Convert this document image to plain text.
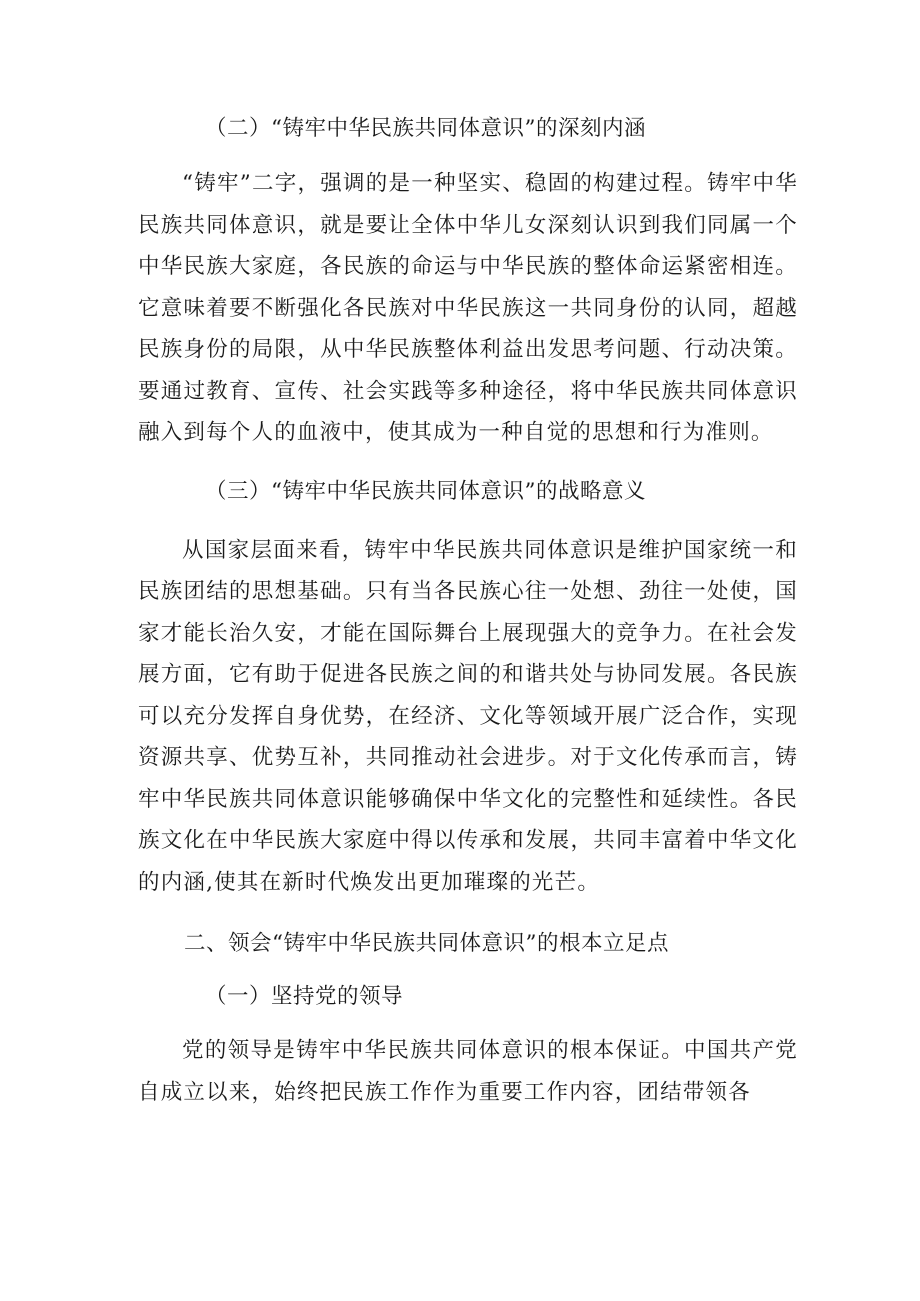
（二）“铸牢中华民族共同体意识”的深刻内涵

“铸牢”二字，强调的是一种坚实、稳固的构建过程。铸牢中华民族共同体意识，就是要让全体中华儿女深刻认识到我们同属一个中华民族大家庭，各民族的命运与中华民族的整体命运紧密相连。它意味着要不断强化各民族对中华民族这一共同身份的认同，超越民族身份的局限，从中华民族整体利益出发思考问题、行动决策。要通过教育、宣传、社会实践等多种途径，将中华民族共同体意识融入到每个人的血液中，使其成为一种自觉的思想和行为准则。

（三）“铸牢中华民族共同体意识”的战略意义

从国家层面来看，铸牢中华民族共同体意识是维护国家统一和民族团结的思想基础。只有当各民族心往一处想、劲往一处使，国家才能长治久安，才能在国际舞台上展现强大的竞争力。在社会发展方面，它有助于促进各民族之间的和谐共处与协同发展。各民族可以充分发挥自身优势，在经济、文化等领域开展广泛合作，实现资源共享、优势互补，共同推动社会进步。对于文化传承而言，铸牢中华民族共同体意识能够确保中华文化的完整性和延续性。各民族文化在中华民族大家庭中得以传承和发展，共同丰富着中华文化的内涵,使其在新时代焕发出更加璀璨的光芒。

二、领会“铸牢中华民族共同体意识”的根本立足点
（一）坚持党的领导

党的领导是铸牢中华民族共同体意识的根本保证。中国共产党自成立以来，始终把民族工作作为重要工作内容，团结带领各
